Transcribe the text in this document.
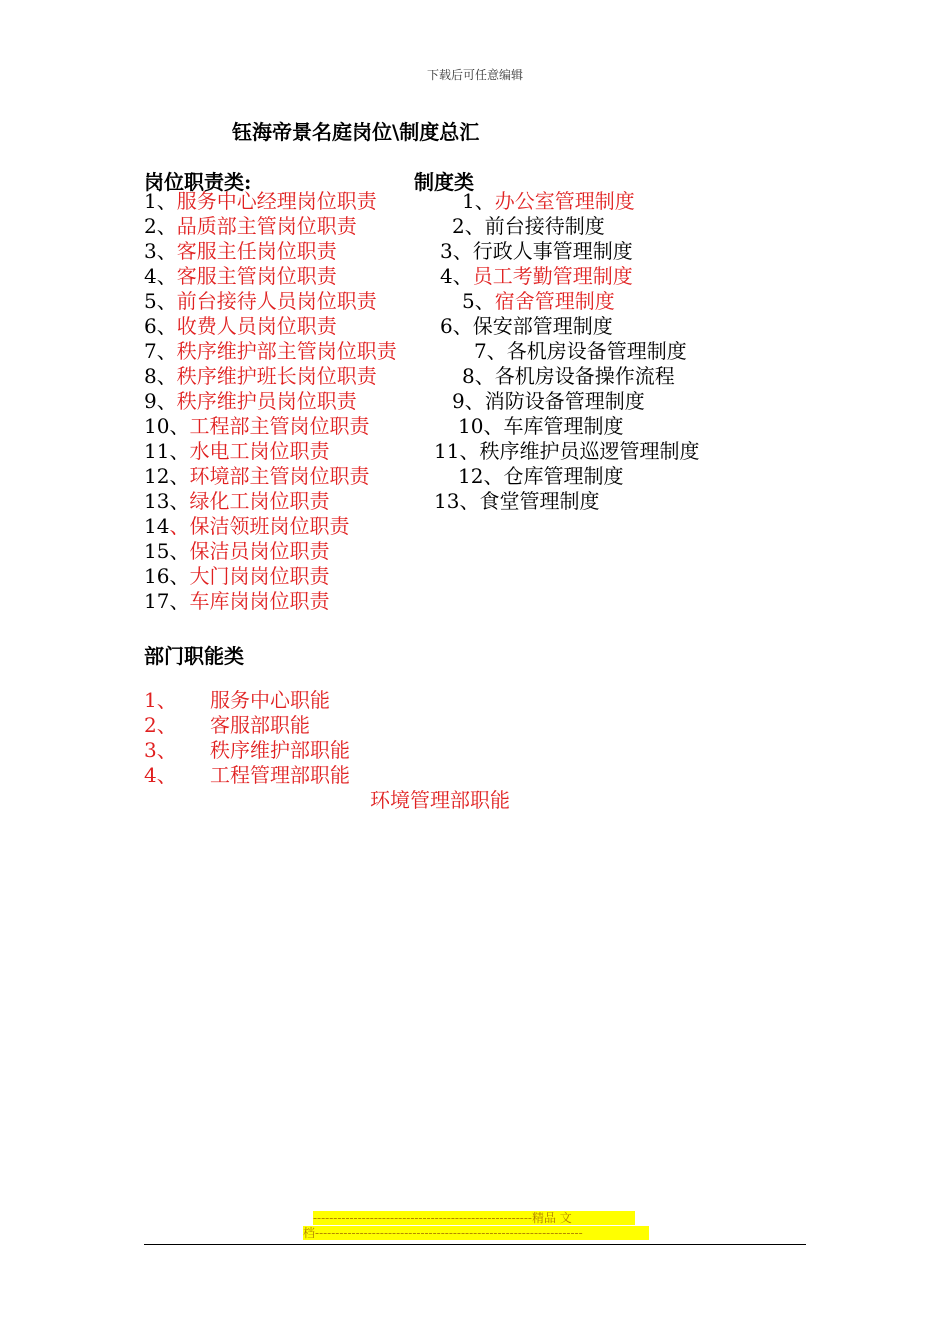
下载后可任意编辑
钰海帝景名庭岗位\制度总汇
岗位职责类:	制度类
1、服务中心经理岗位职责
2、品质部主管岗位职责
3、客服主任岗位职责
4、客服主管岗位职责
5、前台接待人员岗位职责
6、收费人员岗位职责
7、秩序维护部主管岗位职责
8、秩序维护班长岗位职责
9、秩序维护员岗位职责
10、工程部主管岗位职责
11、水电工岗位职责
12、环境部主管岗位职责
13、绿化工岗位职责
14、保洁领班岗位职责
15、保洁员岗位职责
16、大门岗岗位职责
17、车库岗岗位职责
1、办公室管理制度
2、前台接待制度
3、行政人事管理制度
4、员工考勤管理制度
5、宿舍管理制度
6、保安部管理制度
7、各机房设备管理制度
8、各机房设备操作流程
9、消防设备管理制度
10、车库管理制度
11、秩序维护员巡逻管理制度
12、仓库管理制度
13、食堂管理制度
部门职能类
1、 服务中心职能
2、 客服部职能
3、 秩序维护部职能
4、 工程管理部职能
环境管理部职能
------------------------------------------------------精品 文
档------------------------------------------------------------------
